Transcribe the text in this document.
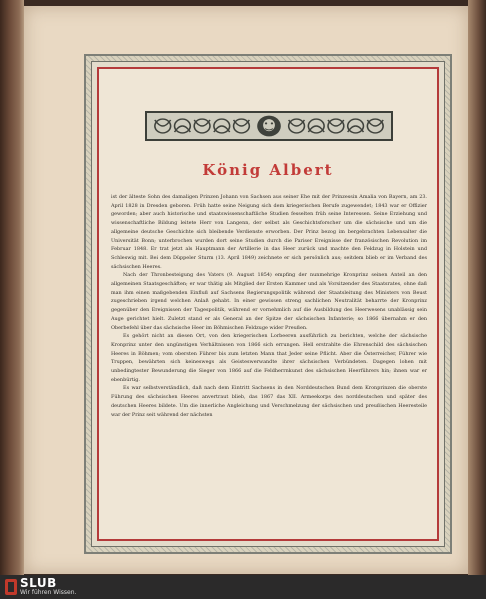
König Albert

ist der älteste Sohn des damaligen Prinzen Johann von Sachsen aus seiner Ehe mit der Prinzessin Amalia von Bayern, am 23. April 1828 in Dresden geboren. Früh hatte seine Neigung sich dem kriegerischen Berufe zugewendet; 1843 war er Offizier geworden; aber auch historische und staatswissenschaftliche Studien fesselten früh seine Interessen. Seine Erziehung und wissenschaftliche Bildung leitete Herr von Langenn, der selbst als Geschichtsforscher um die sächsische und um die allgemeine deutsche Geschichte sich bleibende Verdienste erworben. Der Prinz bezog im bergebrachten Lebensalter die Universität Bonn; unterbrochen wurden dort seine Studien durch die Pariser Ereignisse der französischen Revolution im Februar 1848. Er trat jetzt als Hauptmann der Artillerie in das Heer zurück und machte den Feldzug in Holstein und Schleswig mit. Bei dem Düppeler Sturm (13. April 1849) zeichnete er sich persönlich aus; seitdem blieb er im Verband des sächsischen Heeres.

Nach der Thronbesteigung des Vaters (9. August 1854) empfing der nunmehrige Kronprinz seinen Anteil an den allgemeinen Staatsgeschäften; er war thätig als Mitglied der Ersten Kammer und als Vorsitzender des Staatsrates, ohne daß man ihm einen maßgebenden Einfluß auf Sachsens Regierungspolitik während der Staatsleitung des Ministers von Beust zugeschrieben irgend welchen Anlaß gehabt. In einer gewissen streng sachlichen Neutralität beharrte der Kronprinz gegenüber den Ereignissen der Tagespolitik, während er vornehmlich auf die Ausbildung des Heerwesens unablässig sein Auge gerichtet hielt. Zuletzt stand er als General an der Spitze der sächsischen Infanterie; so 1866 übernahm er den Oberbefehl über das sächsische Heer im Böhmischen Feldzuge wider Preußen.

Es gehört nicht an diesen Ort, von den kriegerischen Lorbeeren ausführlich zu berichten, welche der sächsische Kronprinz unter den ungünstigen Verhältnissen von 1866 sich errungen. Hell erstrahlte die Ehrenschild des sächsischen Heeres in Böhmen; vom obersten Führer bis zum letzten Mann that Jeder seine Pflicht. Aber die Österreicher, Führer wie Truppen, bewährten sich keineswegs als Geisteswerwandte ihrer sächsischen Verbündeten. Dagegen lohen mit unbedingtester Bewunderung die Sieger von 1866 auf die Feldherrnkunst des sächsischen Heerführers hin; ihnen war er ebenbürtig.

Es war selbstverständlich, daß nach dem Eintritt Sachsens in den Norddeutschen Bund dem Kronprinzen die oberste Führung des sächsischen Heeres anvertraut blieb, das 1867 das XII. Armeekorps des norddeutschen und später des deutschen Heeres bildete. Um die innerliche Angleichung und Verschmelzung der sächsischen und preußischen Heeresteile war der Prinz seit während der nächsten

SLUB
Wir führen Wissen.
